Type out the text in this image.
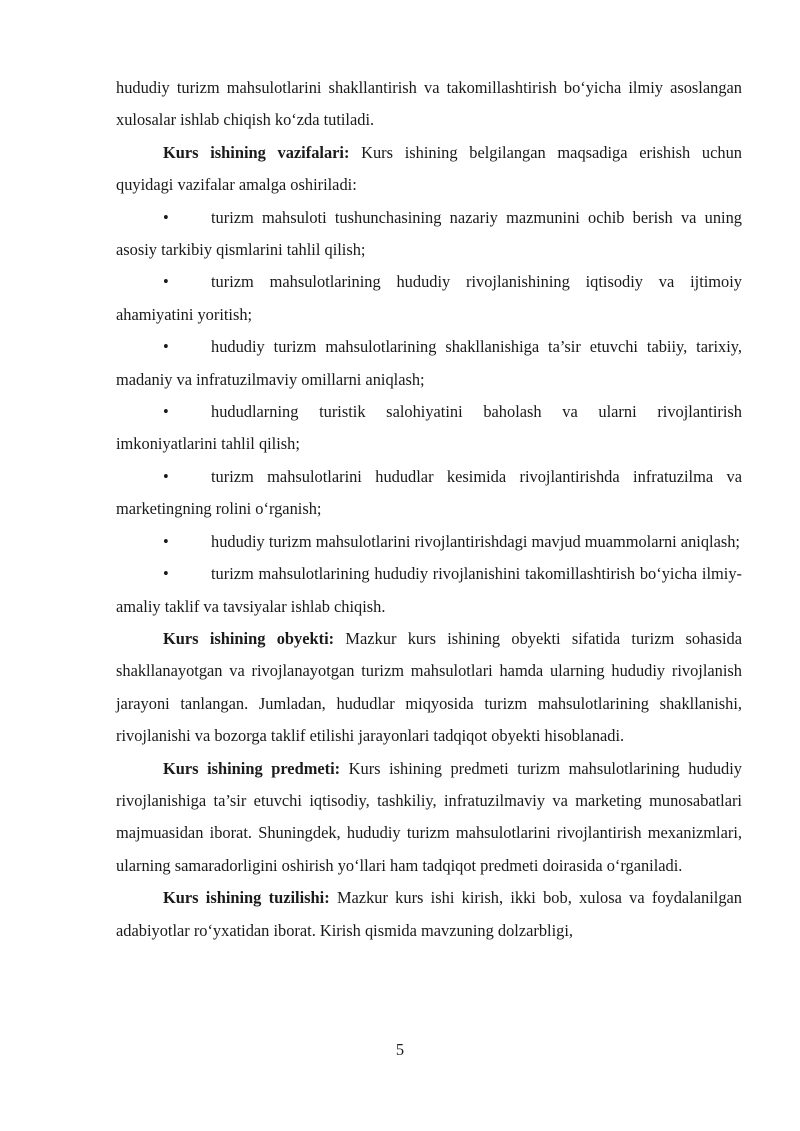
hududiy turizm mahsulotlarini shakllantirish va takomillashtirish bo‘yicha ilmiy asoslangan xulosalar ishlab chiqish ko‘zda tutiladi.

Kurs ishining vazifalari: Kurs ishining belgilangan maqsadiga erishish uchun quyidagi vazifalar amalga oshiriladi:

•	turizm mahsuloti tushunchasining nazariy mazmunini ochib berish va uning asosiy tarkibiy qismlarini tahlil qilish;

•	turizm mahsulotlarining hududiy rivojlanishining iqtisodiy va ijtimoiy ahamiyatini yoritish;

•	hududiy turizm mahsulotlarining shakllanishiga ta’sir etuvchi tabiiy, tarixiy, madaniy va infratuzilmaviy omillarni aniqlash;

•	hududlarning turistik salohiyatini baholash va ularni rivojlantirish imkoniyatlarini tahlil qilish;

•	turizm mahsulotlarini hududlar kesimida rivojlantirishda infratuzilma va marketingning rolini o‘rganish;

•	hududiy turizm mahsulotlarini rivojlantirishdagi mavjud muammolarni aniqlash;

•	turizm mahsulotlarining hududiy rivojlanishini takomillashtirish bo‘yicha ilmiy-amaliy taklif va tavsiyalar ishlab chiqish.

Kurs ishining obyekti: Mazkur kurs ishining obyekti sifatida turizm sohasida shakllanayotgan va rivojlanayotgan turizm mahsulotlari hamda ularning hududiy rivojlanish jarayoni tanlangan. Jumladan, hududlar miqyosida turizm mahsulotlarining shakllanishi, rivojlanishi va bozorga taklif etilishi jarayonlari tadqiqot obyekti hisoblanadi.

Kurs ishining predmeti: Kurs ishining predmeti turizm mahsulotlarining hududiy rivojlanishiga ta’sir etuvchi iqtisodiy, tashkiliy, infratuzilmaviy va marketing munosabatlari majmuasidan iborat. Shuningdek, hududiy turizm mahsulotlarini rivojlantirish mexanizmlari, ularning samaradorligini oshirish yo‘llari ham tadqiqot predmeti doirasida o‘rganiladi.

Kurs ishining tuzilishi: Mazkur kurs ishi kirish, ikki bob, xulosa va foydalanilgan adabiyotlar ro‘yxatidan iborat. Kirish qismida mavzuning dolzarbligi,

5
